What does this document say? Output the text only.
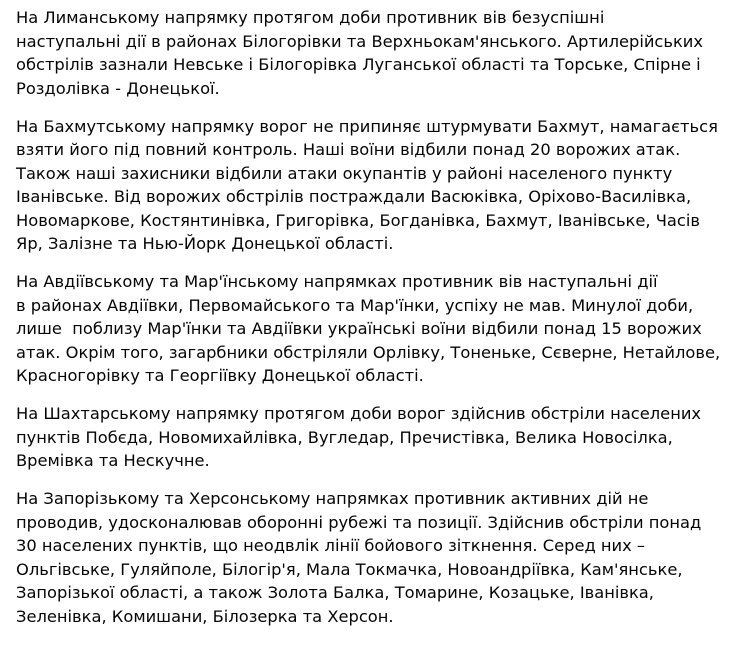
На Лиманському напрямку протягом доби противник вів безуспішні
наступальні дії в районах Білогорівки та Верхньокам'янського. Артилерійських
обстрілів зазнали Невське і Білогорівка Луганської області та Торське, Спірне і
Роздолівка - Донецької.
На Бахмутському напрямку ворог не припиняє штурмувати Бахмут, намагається
взяти його під повний контроль. Наші воїни відбили понад 20 ворожих атак.
Також наші захисники відбили атаки окупантів у районі населеного пункту
Іванівське. Від ворожих обстрілів постраждали Васюківка, Оріхово-Василівка,
Новомаркове, Костянтинівка, Григорівка, Богданівка, Бахмут, Іванівське, Часів
Яр, Залізне та Нью-Йорк Донецької області.
На Авдіївському та Мар'їнському напрямках противник вів наступальні дії
в районах Авдіївки, Первомайського та Мар'їнки, успіху не мав. Минулої доби,
лише  поблизу Мар'їнки та Авдіївки українські воїни відбили понад 15 ворожих
атак. Окрім того, загарбники обстріляли Орлівку, Тоненьке, Сєверне, Нетайлове,
Красногорівку та Георгіївку Донецької області.
На Шахтарському напрямку протягом доби ворог здійснив обстріли населених
пунктів Побєда, Новомихайлівка, Вугледар, Пречистівка, Велика Новосілка,
Времівка та Нескучне.
На Запорізькому та Херсонському напрямках противник активних дій не
проводив, удосконалював оборонні рубежі та позиції. Здійснив обстріли понад
30 населених пунктів, що неодвлік лінії бойового зіткнення. Серед них –
Ольгівське, Гуляйполе, Білогір'я, Мала Токмачка, Новоандріївка, Кам'янське,
Запорізької області, а також Золота Балка, Томарине, Козацьке, Іванівка,
Зеленівка, Комишани, Білозерка та Херсон.
